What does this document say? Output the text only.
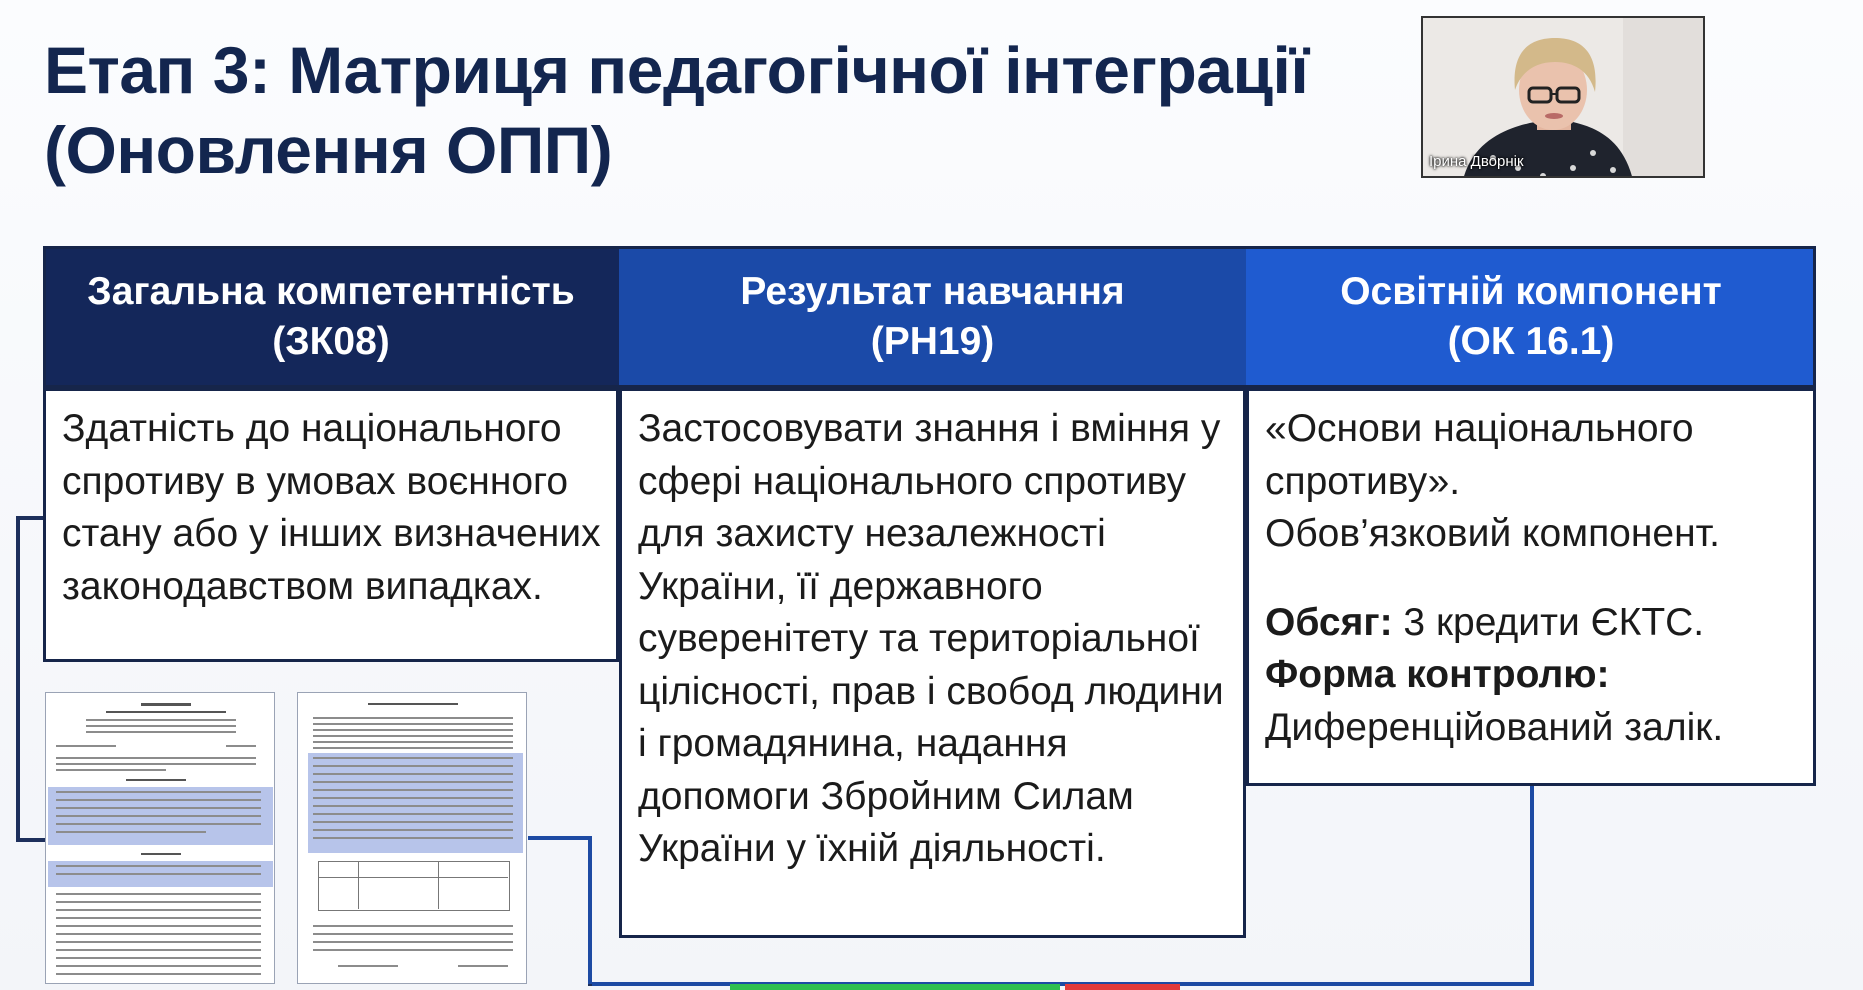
Етап 3: Матриця педагогічної інтеграції
(Оновлення ОПП)	Ірина Дворнік
Загальна компетентність
(ЗК08)

Здатність до національного спротиву в умовах воєнного стану або у інших визначених законодавством випадках.

Результат навчання
(РН19)

Застосовувати знання і вміння у сфері національного спротиву для захисту незалежності України, її державного суверенітету та територіальної цілісності, прав і свобод людини і громадянина, надання допомоги Збройним Силам України у їхній діяльності.

Освітній компонент
(ОК 16.1)

«Основи національного спротиву».

Обов’язковий компонент.

Обсяг: 3 кредити ЄКТС.

Форма контролю:

Диференційований залік.
